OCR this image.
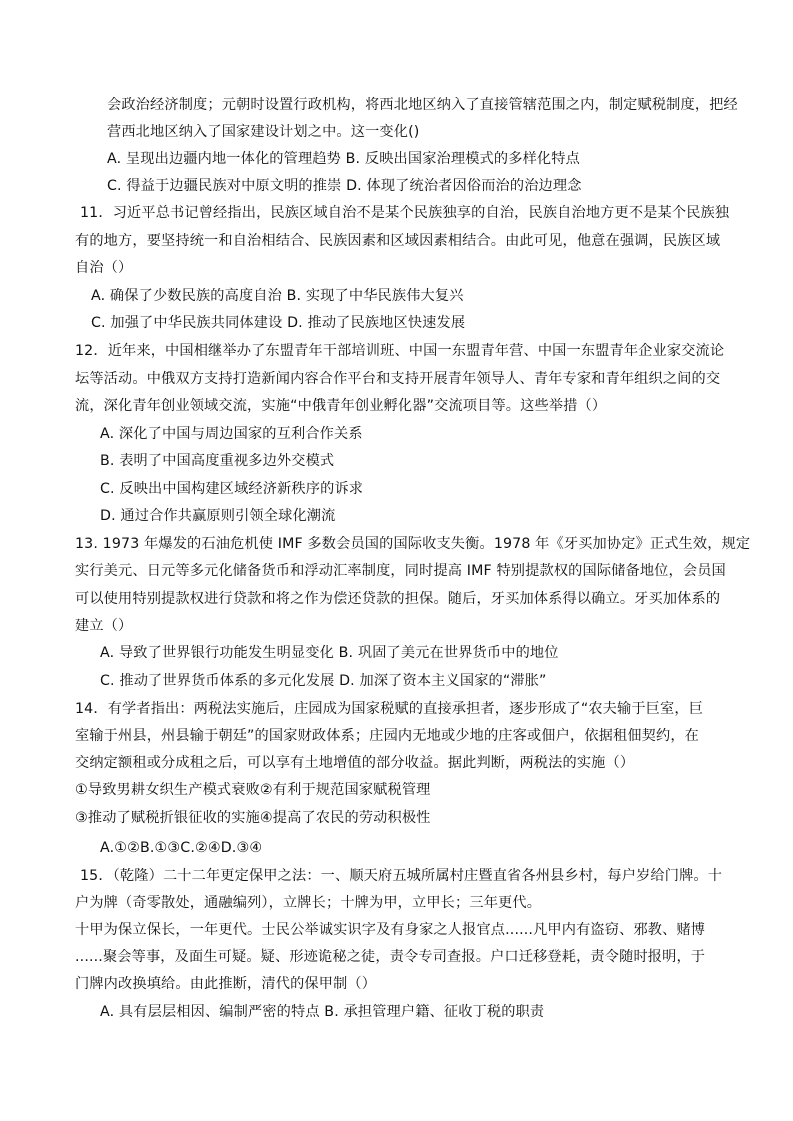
会政治经济制度；元朝时设置行政机构，将西北地区纳入了直接管辖范围之内，制定赋税制度，把经
营西北地区纳入了国家建设计划之中。这一变化()
A. 呈现出边疆内地一体化的管理趋势 B. 反映出国家治理模式的多样化特点
C. 得益于边疆民族对中原文明的推崇 D. 体现了统治者因俗而治的治边理念
11．习近平总书记曾经指出，民族区域自治不是某个民族独享的自治，民族自治地方更不是某个民族独
有的地方，要坚持统一和自治相结合、民族因素和区域因素相结合。由此可见，他意在强调，民族区域
自治（）
A. 确保了少数民族的高度自治 B. 实现了中华民族伟大复兴
C. 加强了中华民族共同体建设 D. 推动了民族地区快速发展
12．近年来，中国相继举办了东盟青年干部培训班、中国一东盟青年营、中国一东盟青年企业家交流论
坛等活动。中俄双方支持打造新闻内容合作平台和支持开展青年领导人、青年专家和青年组织之间的交
流，深化青年创业领域交流，实施“中俄青年创业孵化器”交流项目等。这些举措（）
A. 深化了中国与周边国家的互利合作关系
B. 表明了中国高度重视多边外交模式
C. 反映出中国构建区域经济新秩序的诉求
D. 通过合作共赢原则引领全球化潮流
13. 1973 年爆发的石油危机使 IMF 多数会员国的国际收支失衡。1978 年《牙买加协定》正式生效，规定
实行美元、日元等多元化储备货币和浮动汇率制度，同时提高 IMF 特别提款权的国际储备地位，会员国
可以使用特别提款权进行贷款和将之作为偿还贷款的担保。随后，牙买加体系得以确立。牙买加体系的
建立（）
A. 导致了世界银行功能发生明显变化 B. 巩固了美元在世界货币中的地位
C. 推动了世界货币体系的多元化发展 D. 加深了资本主义国家的“滞胀”
14．有学者指出：两税法实施后，庄园成为国家税赋的直接承担者，逐步形成了“农夫输于巨室，巨
室输于州县，州县输于朝廷”的国家财政体系；庄园内无地或少地的庄客或佃户，依据租佃契约，在
交纳定额租或分成租之后，可以享有土地增值的部分收益。据此判断，两税法的实施（）
①导致男耕女织生产模式衰败②有利于规范国家赋税管理
③推动了赋税折银征收的实施④提高了农民的劳动积极性
A.①②B.①③C.②④D.③④
15．（乾隆）二十二年更定保甲之法：一、顺天府五城所属村庄暨直省各州县乡村，每户岁给门牌。十
户为牌（奇零散处，通融编列），立牌长；十牌为甲，立甲长；三年更代。
十甲为保立保长，一年更代。士民公举诚实识字及有身家之人报官点......凡甲内有盗窃、邪教、赌博
......聚会等事，及面生可疑。疑、形迹诡秘之徒，责令专司查报。户口迁移登耗，责令随时报明，于
门牌内改换填给。由此推断，清代的保甲制（）
A. 具有层层相因、编制严密的特点 B. 承担管理户籍、征收丁税的职责
